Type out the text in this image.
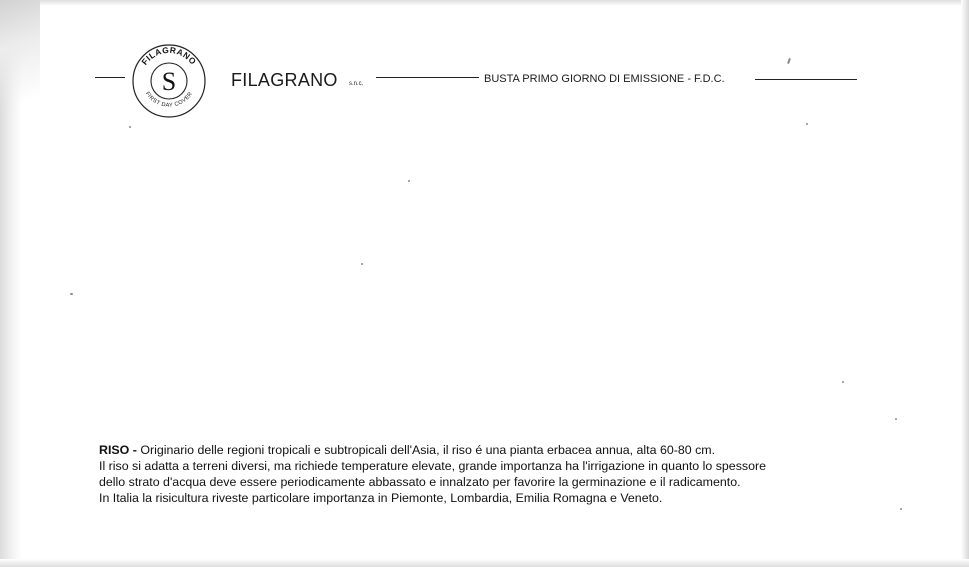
S
FILAGRANO
FIRST DAY COVER
FILAGRANO s.n.c.	BUSTA PRIMO GIORNO DI EMISSIONE - F.D.C.
RISO - Originario delle regioni tropicali e subtropicali dell'Asia, il riso é una pianta erbacea annua, alta 60-80 cm.
Il riso si adatta a terreni diversi, ma richiede temperature elevate, grande importanza ha l'irrigazione in quanto lo spessore
dello strato d'acqua deve essere periodicamente abbassato e innalzato per favorire la germinazione e il radicamento.
In Italia la risicultura riveste particolare importanza in Piemonte, Lombardia, Emilia Romagna e Veneto.
